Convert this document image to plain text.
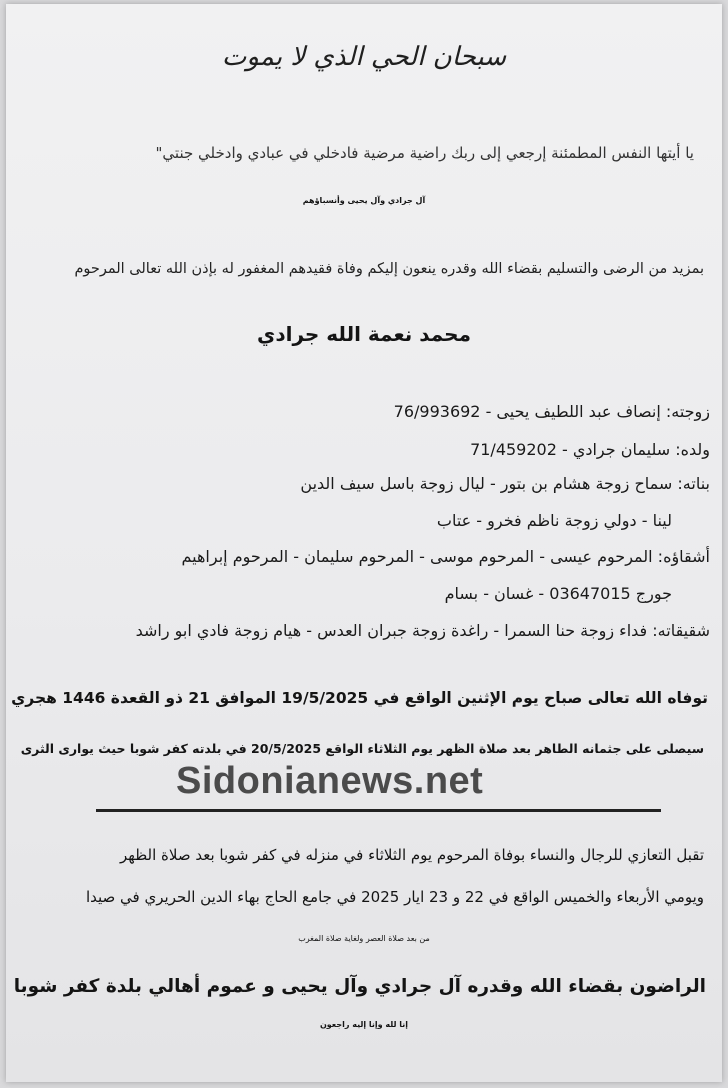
سبحان الحي الذي لا يموت
يا أيتها النفس المطمئنة إرجعي إلى ربك راضية مرضية فادخلي في عبادي وادخلي جنتي"
آل جرادي وآل يحيى وأنسباؤهم
بمزيد من الرضى والتسليم بقضاء الله وقدره ينعون إليكم وفاة فقيدهم المغفور له بإذن الله تعالى المرحوم
محمد نعمة الله جرادي
زوجته: إنصاف عبد اللطيف يحيى - 76/993692
ولده: سليمان جرادي - 71/459202
بناته: سماح زوجة هشام بن بتور - ليال زوجة باسل سيف الدين
لينا - دولي زوجة ناظم فخرو - عتاب
أشقاؤه: المرحوم عيسى - المرحوم موسى - المرحوم سليمان - المرحوم إبراهيم
جورج 03647015 - غسان - بسام
شقيقاته: فداء زوجة حنا السمرا - راغدة زوجة جبران العدس - هيام زوجة فادي ابو راشد
توفاه الله تعالى صباح يوم الإثنين الواقع في 19/5/2025 الموافق 21 ذو القعدة 1446 هجري
سيصلى على جثمانه الطاهر بعد صلاة الظهر يوم الثلاثاء الواقع 20/5/2025 في بلدته كفر شوبا حيث يوارى الثرى
Sidonianews.net
تقبل التعازي للرجال والنساء بوفاة المرحوم يوم الثلاثاء في منزله في كفر شوبا بعد صلاة الظهر
ويومي الأربعاء والخميس الواقع في 22 و 23 ايار 2025 في جامع الحاج بهاء الدين الحريري في صيدا
من بعد صلاة العصر ولغاية صلاة المغرب
الراضون بقضاء الله وقدره آل جرادي وآل يحيى و عموم أهالي بلدة كفر شوبا
إنا لله وإنا إليه راجعون
